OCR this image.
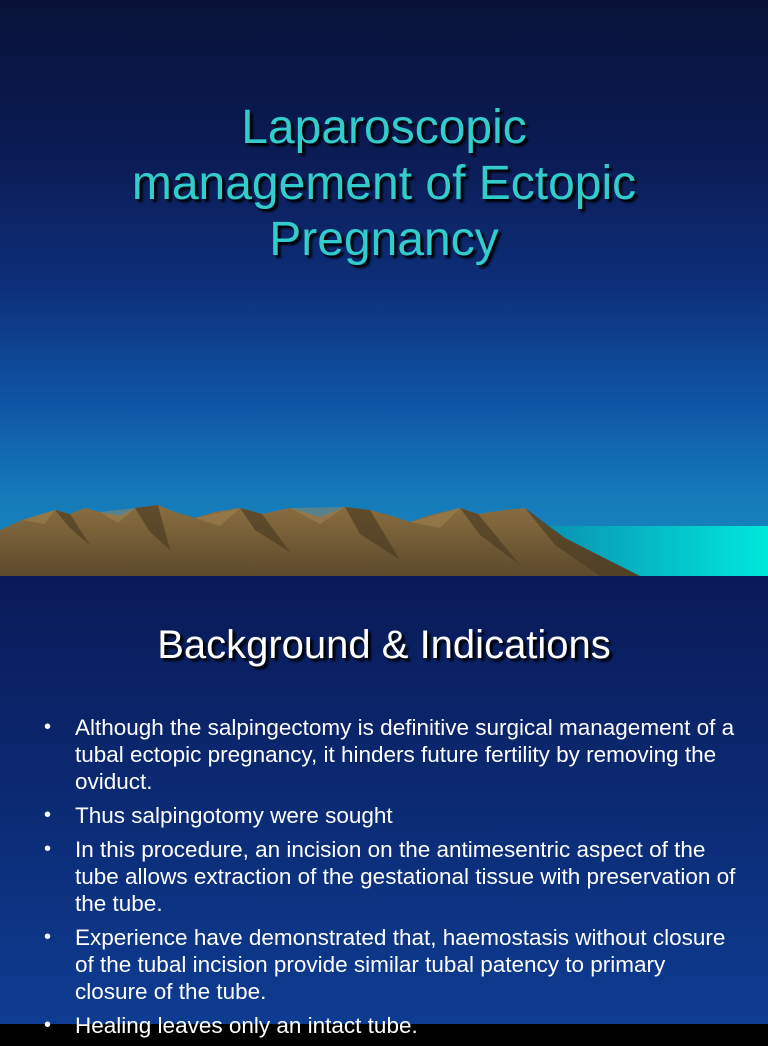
Laparoscopic
management of Ectopic
Pregnancy
Background & Indications
• Although the salpingectomy is definitive surgical management of a tubal ectopic pregnancy, it hinders future fertility by removing the oviduct.
• Thus salpingotomy were sought
• In this procedure, an incision on the antimesentric aspect of the tube allows extraction of the gestational tissue with preservation of the tube.
• Experience have demonstrated that, haemostasis without closure of the tubal incision provide similar tubal patency to primary closure of the tube.
• Healing leaves only an intact tube.
